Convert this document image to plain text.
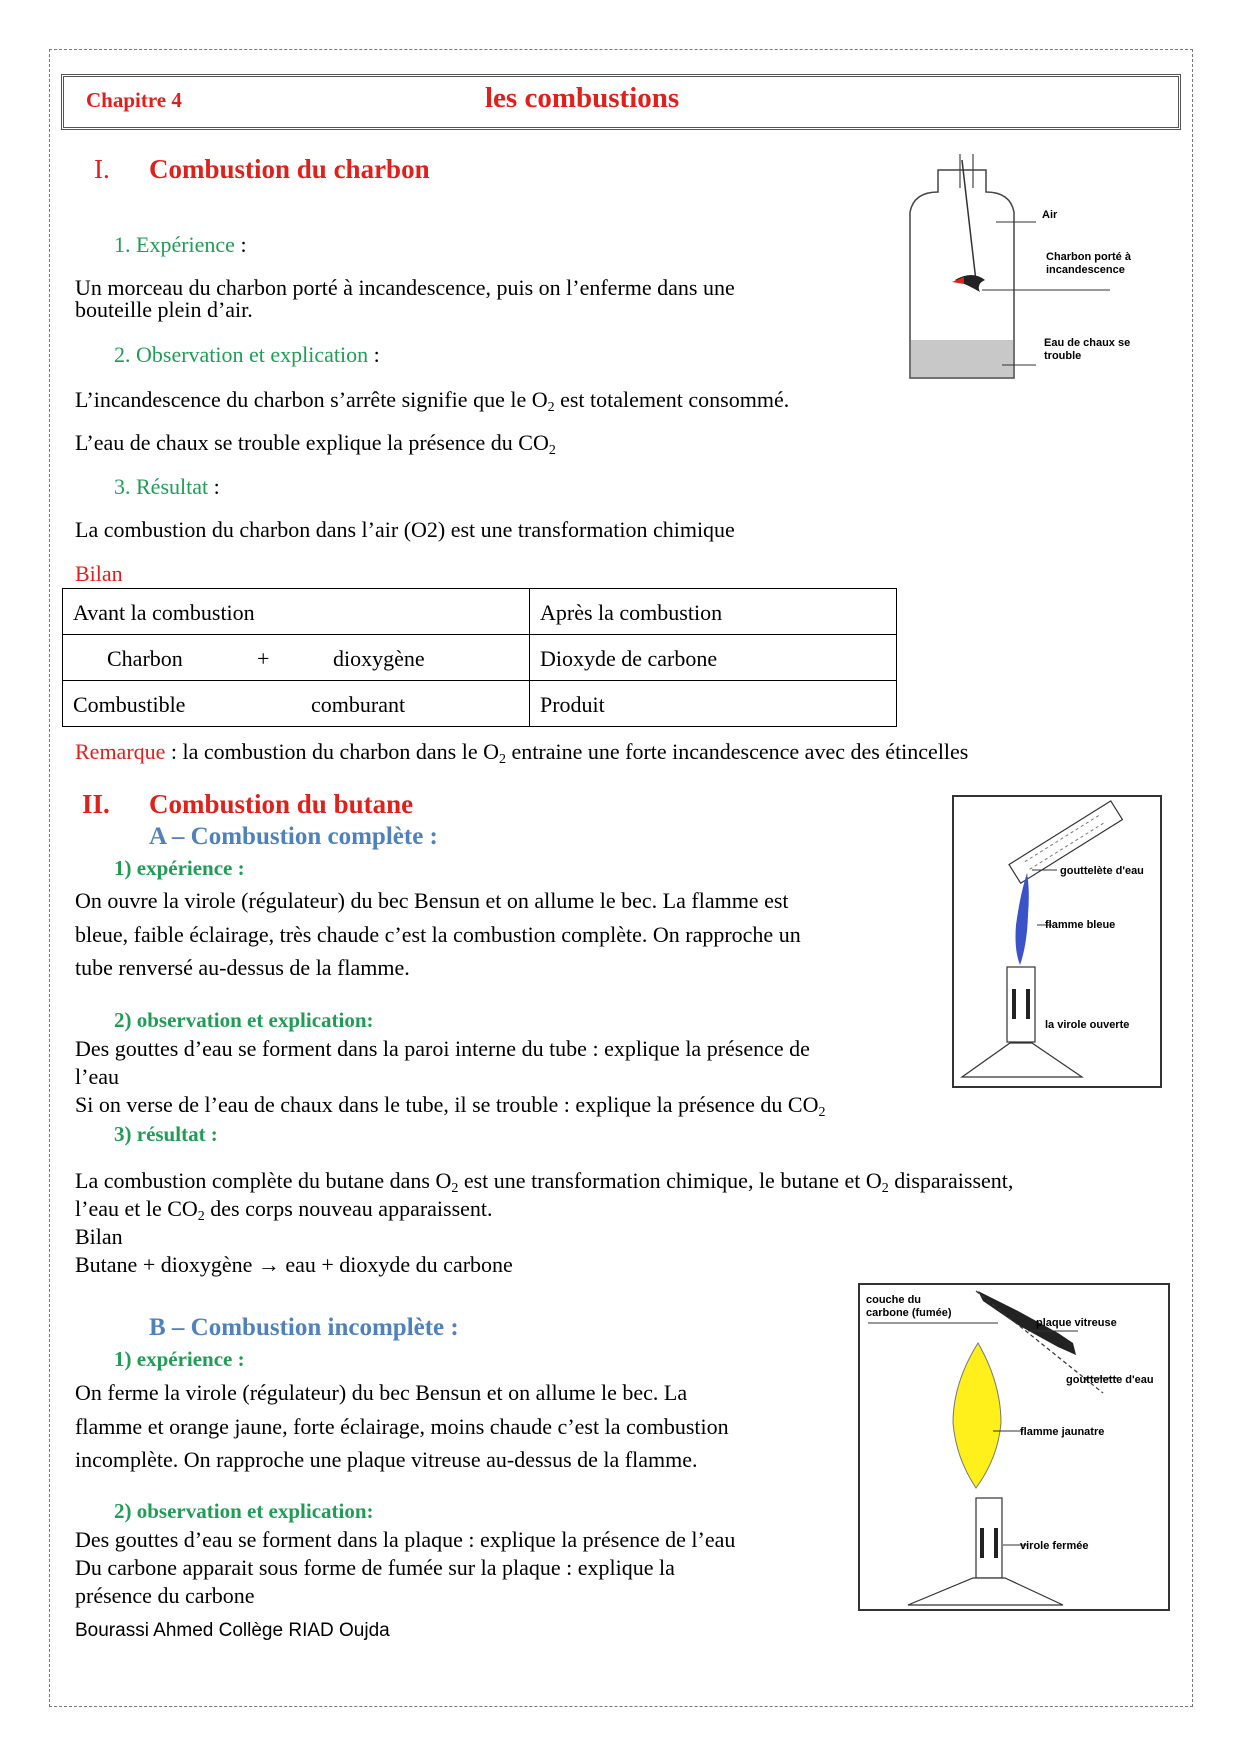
Chapitre 4	les combustions
I. Combustion du charbon
1. Expérience :
Un morceau du charbon porté à incandescence, puis on l’enferme dans une
bouteille plein d’air.
2. Observation et explication :
L’incandescence du charbon s’arrête signifie que le $O_2$ est totalement consommé.
L’eau de chaux se trouble explique la présence du $CO_2$
3. Résultat :
La combustion du charbon dans l’air (O2) est une transformation chimique
Bilan
Avant la combustion	Après la combustion
Charbon + dioxygène	Dioxyde de carbone
Combustible comburant	Produit
Remarque : la combustion du charbon dans le $O_2$ entraine une forte incandescence avec des étincelles
Air
Charbon porté à
incandescence
Eau de chaux se
trouble
II. Combustion du butane
A – Combustion complète :
1) expérience :
On ouvre la virole (régulateur) du bec Bensun et on allume le bec. La flamme est
bleue, faible éclairage, très chaude c’est la combustion complète. On rapproche un
tube renversé au-dessus de la flamme.
2) observation et explication:
Des gouttes d’eau se forment dans la paroi interne du tube : explique la présence de
l’eau
Si on verse de l’eau de chaux dans le tube, il se trouble : explique la présence du $CO_2$
3) résultat :
La combustion complète du butane dans $O_2$ est une transformation chimique, le butane et $O_2$ disparaissent,
l’eau et le $CO_2$ des corps nouveau apparaissent.
Bilan
Butane + dioxygène → eau + dioxyde du carbone
gouttelète d'eau
flamme bleue
la virole ouverte
B – Combustion incomplète :
1) expérience :
On ferme la virole (régulateur) du bec Bensun et on allume le bec. La
flamme et orange jaune, forte éclairage, moins chaude c’est la combustion
incomplète. On rapproche une plaque vitreuse au-dessus de la flamme.
2) observation et explication:
Des gouttes d’eau se forment dans la plaque : explique la présence de l’eau
Du carbone apparait sous forme de fumée sur la plaque : explique la
présence du carbone
couche du
carbone (fumée)
plaque vitreuse
gouttelette d'eau
flamme jaunatre
virole fermée
Bourassi Ahmed Collège RIAD Oujda
